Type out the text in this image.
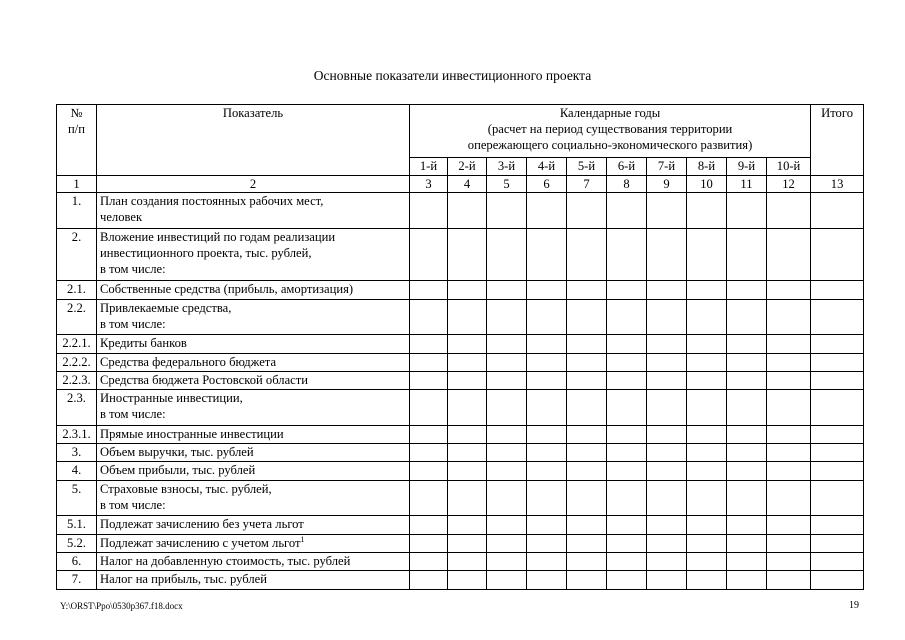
Основные показатели инвестиционного проекта
№
п/п	Показатель	Календарные годы
(расчет на период существования территории
опережающего социально-экономического развития)										Итого
		1-й	2-й	3-й	4-й	5-й	6-й	7-й	8-й	9-й	10-й	
1	2	3	4	5	6	7	8	9	10	11	12	13
1.	План создания постоянных рабочих мест,
человек											
2.	Вложение инвестиций по годам реализации
инвестиционного проекта, тыс. рублей,
в том числе:											
2.1.	Собственные средства (прибыль, амортизация)											
2.2.	Привлекаемые средства,
в том числе:											
2.2.1.	Кредиты банков											
2.2.2.	Средства федерального бюджета											
2.2.3.	Средства бюджета Ростовской области											
2.3.	Иностранные инвестиции,
в том числе:											
2.3.1.	Прямые иностранные инвестиции											
3.	Объем выручки, тыс. рублей											
4.	Объем прибыли, тыс. рублей											
5.	Страховые взносы, тыс. рублей,
в том числе:											
5.1.	Подлежат зачислению без учета льгот											
5.2.	Подлежат зачислению с учетом льгот$^1$											
6.	Налог на добавленную стоимость, тыс. рублей											
7.	Налог на прибыль, тыс. рублей											
Y:\ORST\Ppo\0530p367.f18.docx	19
